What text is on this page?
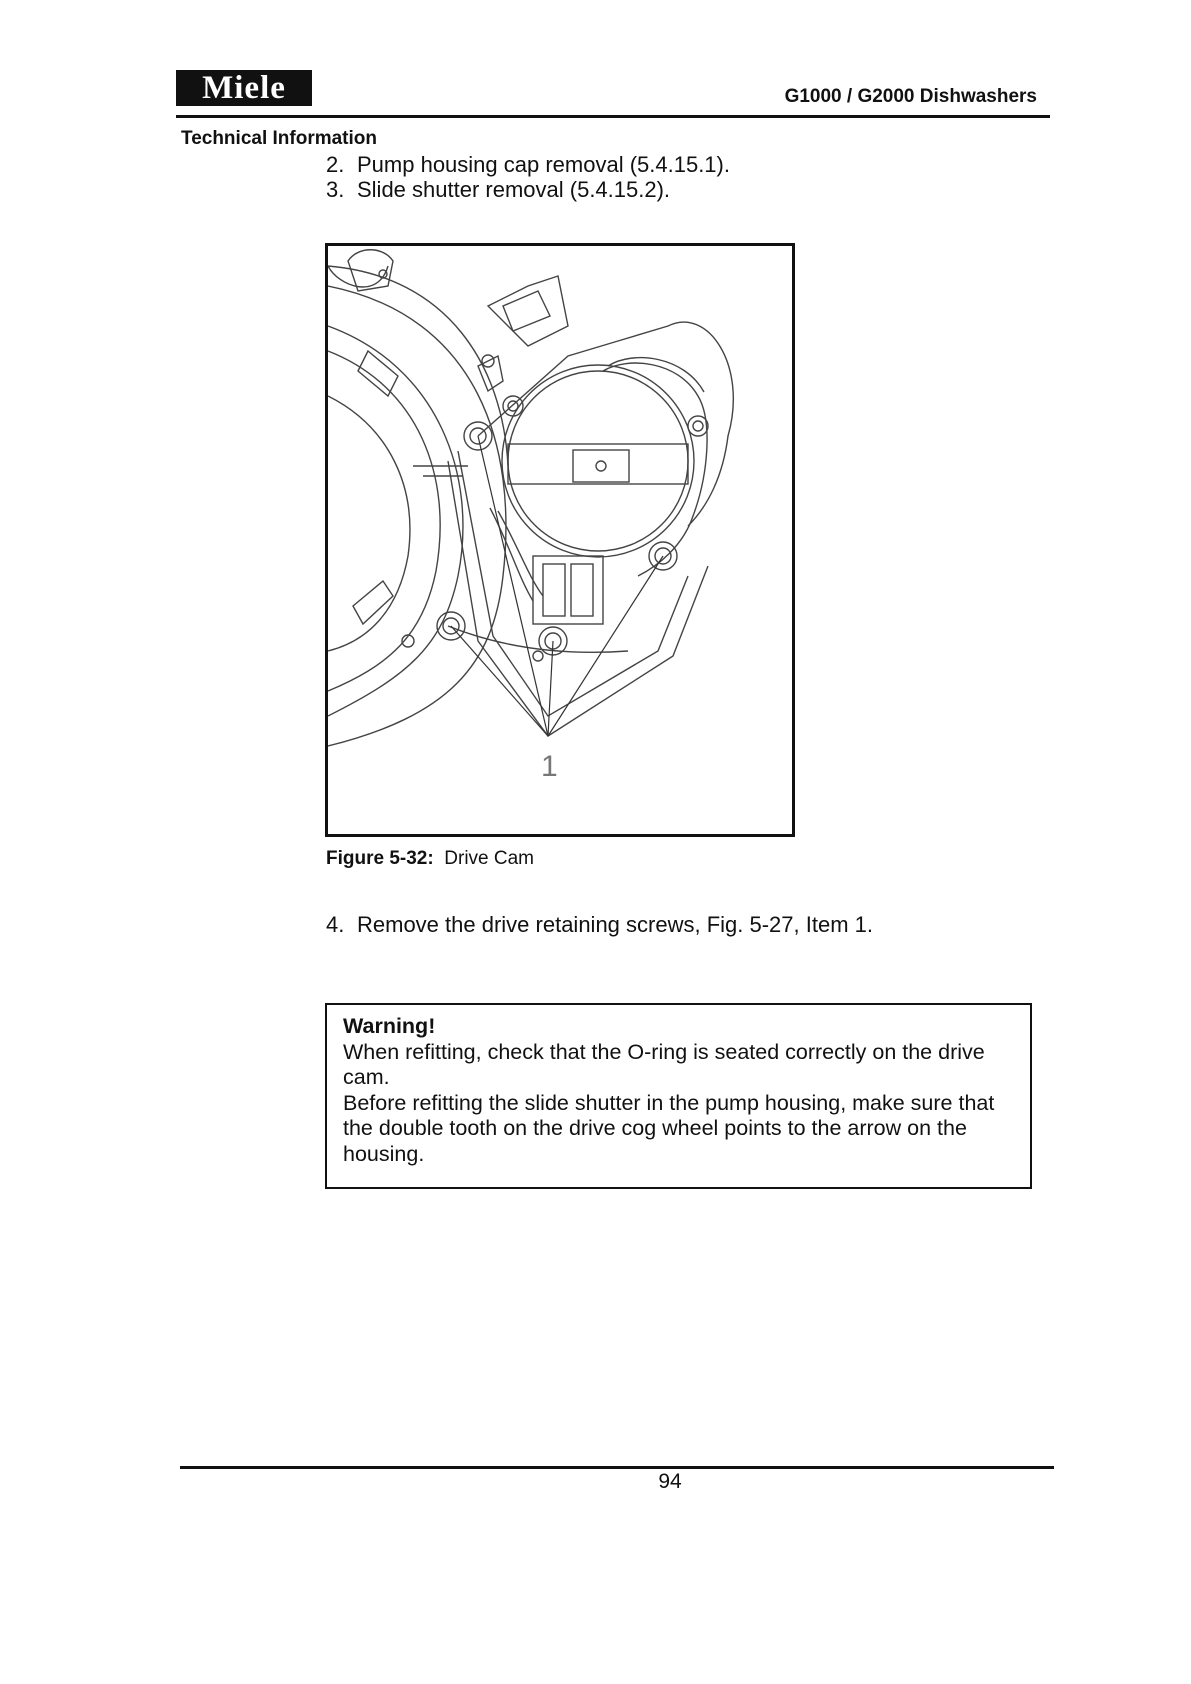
Miele	G1000 / G2000 Dishwashers
Technical Information
2. Pump housing cap removal (5.4.15.1).
3. Slide shutter removal (5.4.15.2).
1
Figure 5-32: Drive Cam
4. Remove the drive retaining screws, Fig. 5-27, Item 1.
Warning!
When refitting, check that the O-ring is seated correctly on the drive
cam.
Before refitting the slide shutter in the pump housing, make sure that
the double tooth on the drive cog wheel points to the arrow on the
housing.
94
